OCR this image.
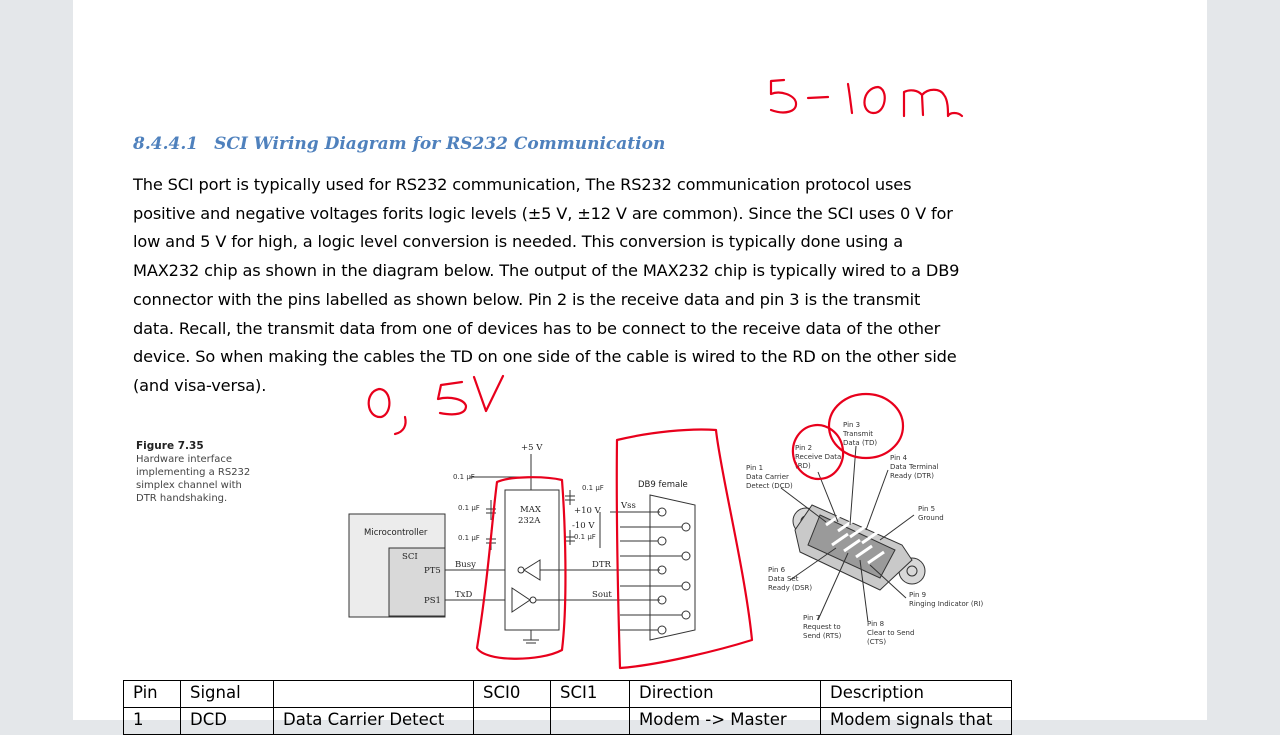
8.4.4.1 SCI Wiring Diagram for RS232 Communication
The SCI port is typically used for RS232 communication, The RS232 communication protocol uses
positive and negative voltages forits logic levels (±5 V, ±12 V are common). Since the SCI uses 0 V for
low and 5 V for high, a logic level conversion is needed. This conversion is typically done using a
MAX232 chip as shown in the diagram below. The output of the MAX232 chip is typically wired to a DB9
connector with the pins labelled as shown below. Pin 2 is the receive data and pin 3 is the transmit
data. Recall, the transmit data from one of devices has to be connect to the receive data of the other
device. So when making the cables the TD on one side of the cable is wired to the RD on the other side
(and visa-versa).
Figure 7.35
Hardware interface
implementing a RS232
simplex channel with
DTR handshaking.
Microcontroller
SCI
PT5
PS1
Busy
TxD
+5 V
0.1 µF
MAX
232A
0.1 µF
0.1 µF
0.1 µF
+10 V
-10 V
0.1 µF
DTR
Sout
Vss
DB9 female
Pin 1
Data Carrier
Detect (DCD)
Pin 2
Receive Data
(RD)
Pin 3
Transmit
Data (TD)
Pin 4
Data Terminal
Ready (DTR)
Pin 5
Ground
Pin 6
Data Set
Ready (DSR)
Pin 7
Request to
Send (RTS)
Pin 8
Clear to Send
(CTS)
Pin 9
Ringing Indicator (RI)
Pin	Signal		SCI0	SCI1	Direction	Description
1	DCD	Data Carrier Detect			Modem -> Master	Modem signals that
